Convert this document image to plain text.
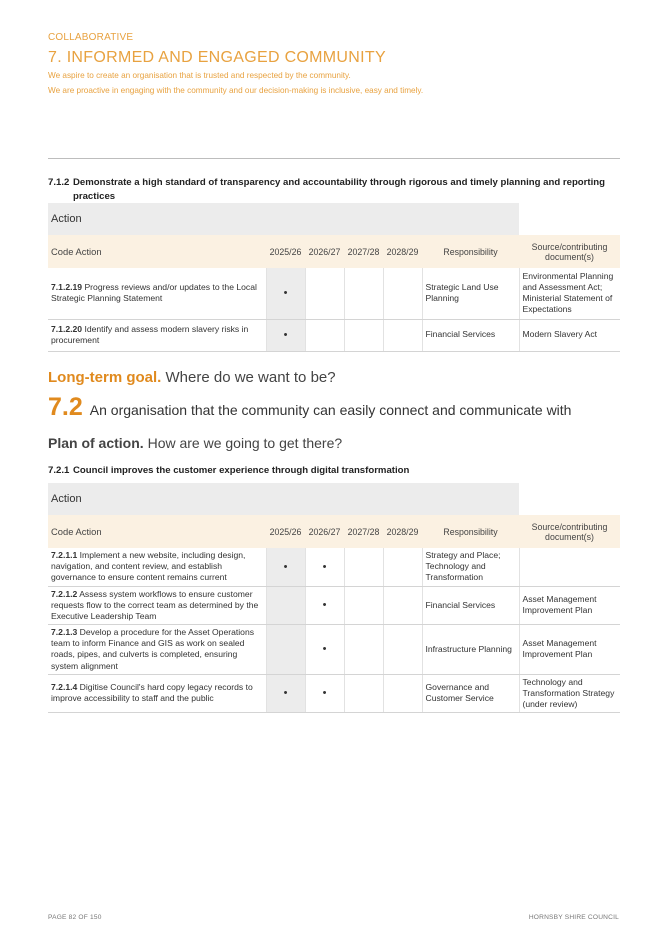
COLLABORATIVE
7. INFORMED AND ENGAGED COMMUNITY
We aspire to create an organisation that is trusted and respected by the community.
We are proactive in engaging with the community and our decision-making is inclusive, easy and timely.
7.1.2 Demonstrate a high standard of transparency and accountability through rigorous and timely planning and reporting
practices
Action						
Code Action	2025/26	2026/27	2027/28	2028/29	Responsibility	Source/contributing document(s)
7.1.2.19 Progress reviews and/or updates to the Local Strategic Planning Statement	•				Strategic Land Use Planning	Environmental Planning and Assessment Act; Ministerial Statement of Expectations
7.1.2.20 Identify and assess modern slavery risks in procurement	•				Financial Services	Modern Slavery Act
Long-term goal. Where do we want to be?
7.2 An organisation that the community can easily connect and communicate with
Plan of action. How are we going to get there?
7.2.1 Council improves the customer experience through digital transformation
Action						
Code Action	2025/26	2026/27	2027/28	2028/29	Responsibility	Source/contributing document(s)
7.2.1.1 Implement a new website, including design, navigation, and content review, and establish governance to ensure content remains current	•	•			Strategy and Place; Technology and Transformation	
7.2.1.2 Assess system workflows to ensure customer requests flow to the correct team as determined by the Executive Leadership Team		•			Financial Services	Asset Management Improvement Plan
7.2.1.3 Develop a procedure for the Asset Operations team to inform Finance and GIS as work on sealed roads, pipes, and culverts is completed, ensuring system alignment		•			Infrastructure Planning	Asset Management Improvement Plan
7.2.1.4 Digitise Council's hard copy legacy records to improve accessibility to staff and the public	•	•			Governance and Customer Service	Technology and Transformation Strategy (under review)
PAGE 82 OF 150	HORNSBY SHIRE COUNCIL
